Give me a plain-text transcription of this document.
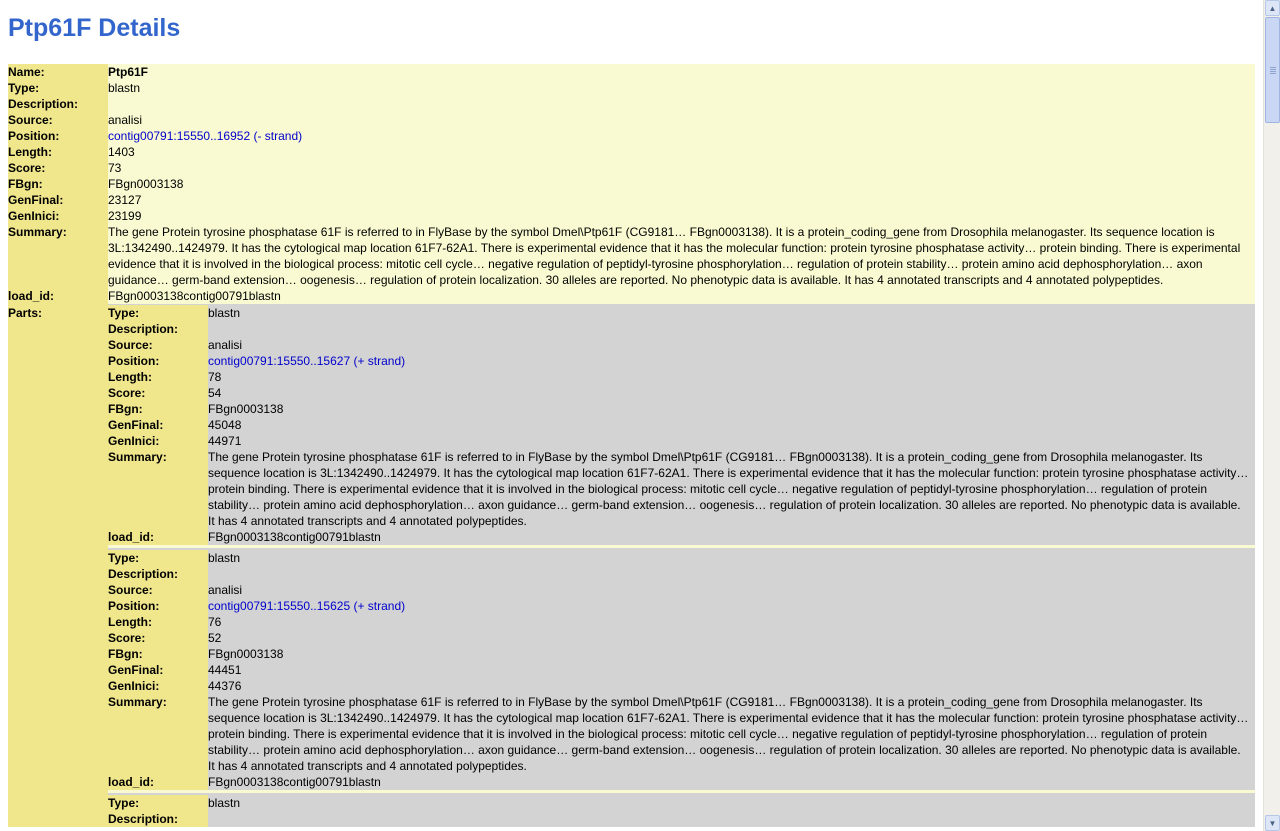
Ptp61F Details
Name:	Ptp61F
Type:	blastn
Description:
Source:	analisi
Position:	contig00791:15550..16952 (- strand)
Length:	1403
Score:	73
FBgn:	FBgn0003138
GenFinal:	23127
GenInici:	23199
Summary:	The gene Protein tyrosine phosphatase 61F is referred to in FlyBase by the symbol Dmel\Ptp61F (CG9181… FBgn0003138). It is a protein_coding_gene from Drosophila melanogaster. Its sequence location is 3L:1342490..1424979. It has the cytological map location 61F7-62A1. There is experimental evidence that it has the molecular function: protein tyrosine phosphatase activity… protein binding. There is experimental evidence that it is involved in the biological process: mitotic cell cycle… negative regulation of peptidyl-tyrosine phosphorylation… regulation of protein stability… protein amino acid dephosphorylation… axon guidance… germ-band extension… oogenesis… regulation of protein localization. 30 alleles are reported. No phenotypic data is available. It has 4 annotated transcripts and 4 annotated polypeptides.
load_id:	FBgn0003138contig00791blastn
Parts:	Type:	blastn
Description:
Source:	analisi
Position:	contig00791:15550..15627 (+ strand)
Length:	78
Score:	54
FBgn:	FBgn0003138
GenFinal:	45048
GenInici:	44971
Summary:	The gene Protein tyrosine phosphatase 61F is referred to in FlyBase by the symbol Dmel\Ptp61F (CG9181… FBgn0003138). It is a protein_coding_gene from Drosophila melanogaster. Its sequence location is 3L:1342490..1424979. It has the cytological map location 61F7-62A1. There is experimental evidence that it has the molecular function: protein tyrosine phosphatase activity… protein binding. There is experimental evidence that it is involved in the biological process: mitotic cell cycle… negative regulation of peptidyl-tyrosine phosphorylation… regulation of protein stability… protein amino acid dephosphorylation… axon guidance… germ-band extension… oogenesis… regulation of protein localization. 30 alleles are reported. No phenotypic data is available. It has 4 annotated transcripts and 4 annotated polypeptides.
load_id:	FBgn0003138contig00791blastn
Type:	blastn
Description:
Source:	analisi
Position:	contig00791:15550..15625 (+ strand)
Length:	76
Score:	52
FBgn:	FBgn0003138
GenFinal:	44451
GenInici:	44376
Summary:	The gene Protein tyrosine phosphatase 61F is referred to in FlyBase by the symbol Dmel\Ptp61F (CG9181… FBgn0003138). It is a protein_coding_gene from Drosophila melanogaster. Its sequence location is 3L:1342490..1424979. It has the cytological map location 61F7-62A1. There is experimental evidence that it has the molecular function: protein tyrosine phosphatase activity… protein binding. There is experimental evidence that it is involved in the biological process: mitotic cell cycle… negative regulation of peptidyl-tyrosine phosphorylation… regulation of protein stability… protein amino acid dephosphorylation… axon guidance… germ-band extension… oogenesis… regulation of protein localization. 30 alleles are reported. No phenotypic data is available. It has 4 annotated transcripts and 4 annotated polypeptides.
load_id:	FBgn0003138contig00791blastn
Type:	blastn
Description:
▲
▼
